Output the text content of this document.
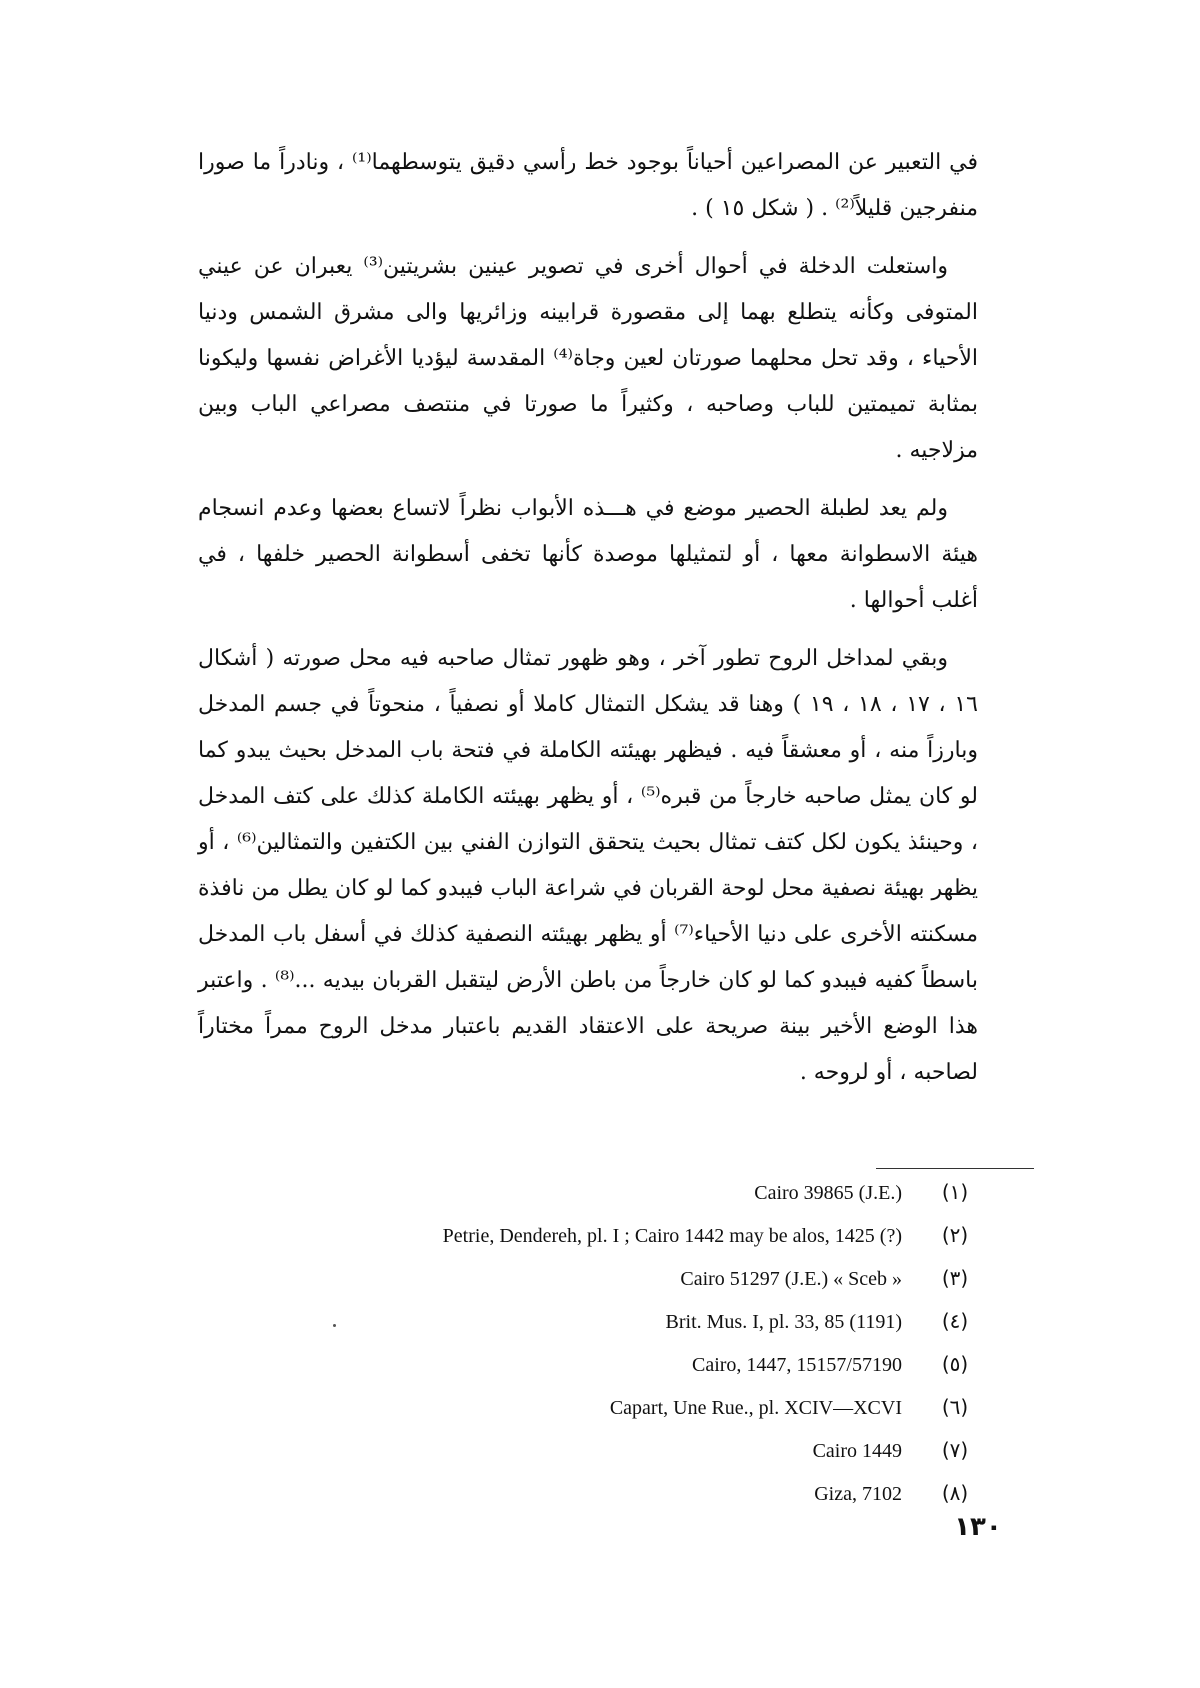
في التعبير عن المصراعين أحياناً بوجود خط رأسي دقيق يتوسطهما⁽¹⁾ ، ونادراً ما صورا منفرجين قليلاً⁽²⁾ . ( شكل ١٥ ) .

واستعلت الدخلة في أحوال أخرى في تصوير عينين بشريتين⁽³⁾ يعبران عن عيني المتوفى وكأنه يتطلع بهما إلى مقصورة قرابينه وزائريها والى مشرق الشمس ودنيا الأحياء ، وقد تحل محلهما صورتان لعين وجاة⁽⁴⁾ المقدسة ليؤديا الأغراض نفسها وليكونا بمثابة تميمتين للباب وصاحبه ، وكثيراً ما صورتا في منتصف مصراعي الباب وبين مزلاجيه .

ولم يعد لطبلة الحصير موضع في هـــذه الأبواب نظراً لاتساع بعضها وعدم انسجام هيئة الاسطوانة معها ، أو لتمثيلها موصدة كأنها تخفى أسطوانة الحصير خلفها ، في أغلب أحوالها .

وبقي لمداخل الروح تطور آخر ، وهو ظهور تمثال صاحبه فيه محل صورته ( أشكال ١٦ ، ١٧ ، ١٨ ، ١٩ ) وهنا قد يشكل التمثال كاملا أو نصفياً ، منحوتاً في جسم المدخل وبارزاً منه ، أو معشقاً فيه . فيظهر بهيئته الكاملة في فتحة باب المدخل بحيث يبدو كما لو كان يمثل صاحبه خارجاً من قبره⁽⁵⁾ ، أو يظهر بهيئته الكاملة كذلك على كتف المدخل ، وحينئذ يكون لكل كتف تمثال بحيث يتحقق التوازن الفني بين الكتفين والتمثالين⁽⁶⁾ ، أو يظهر بهيئة نصفية محل لوحة القربان في شراعة الباب فيبدو كما لو كان يطل من نافذة مسكنته الأخرى على دنيا الأحياء⁽⁷⁾ أو يظهر بهيئته النصفية كذلك في أسفل باب المدخل باسطاً كفيه فيبدو كما لو كان خارجاً من باطن الأرض ليتقبل القربان بيديه ...⁽⁸⁾ . واعتبر هذا الوضع الأخير بينة صريحة على الاعتقاد القديم باعتبار مدخل الروح ممراً مختاراً لصاحبه ، أو لروحه .

Cairo 39865 (J.E.)	(١)
Petrie, Dendereh, pl. I ; Cairo 1442 may be alos, 1425 (?)	(٢)
Cairo 51297 (J.E.) « Sceb »	(٣)
Brit. Mus. I, pl. 33, 85 (1191)	(٤)
Cairo, 1447, 15157/57190	(٥)
Capart, Une Rue., pl. XCIV—XCVI	(٦)
Cairo 1449	(٧)
Giza, 7102	(٨)
١٣٠
